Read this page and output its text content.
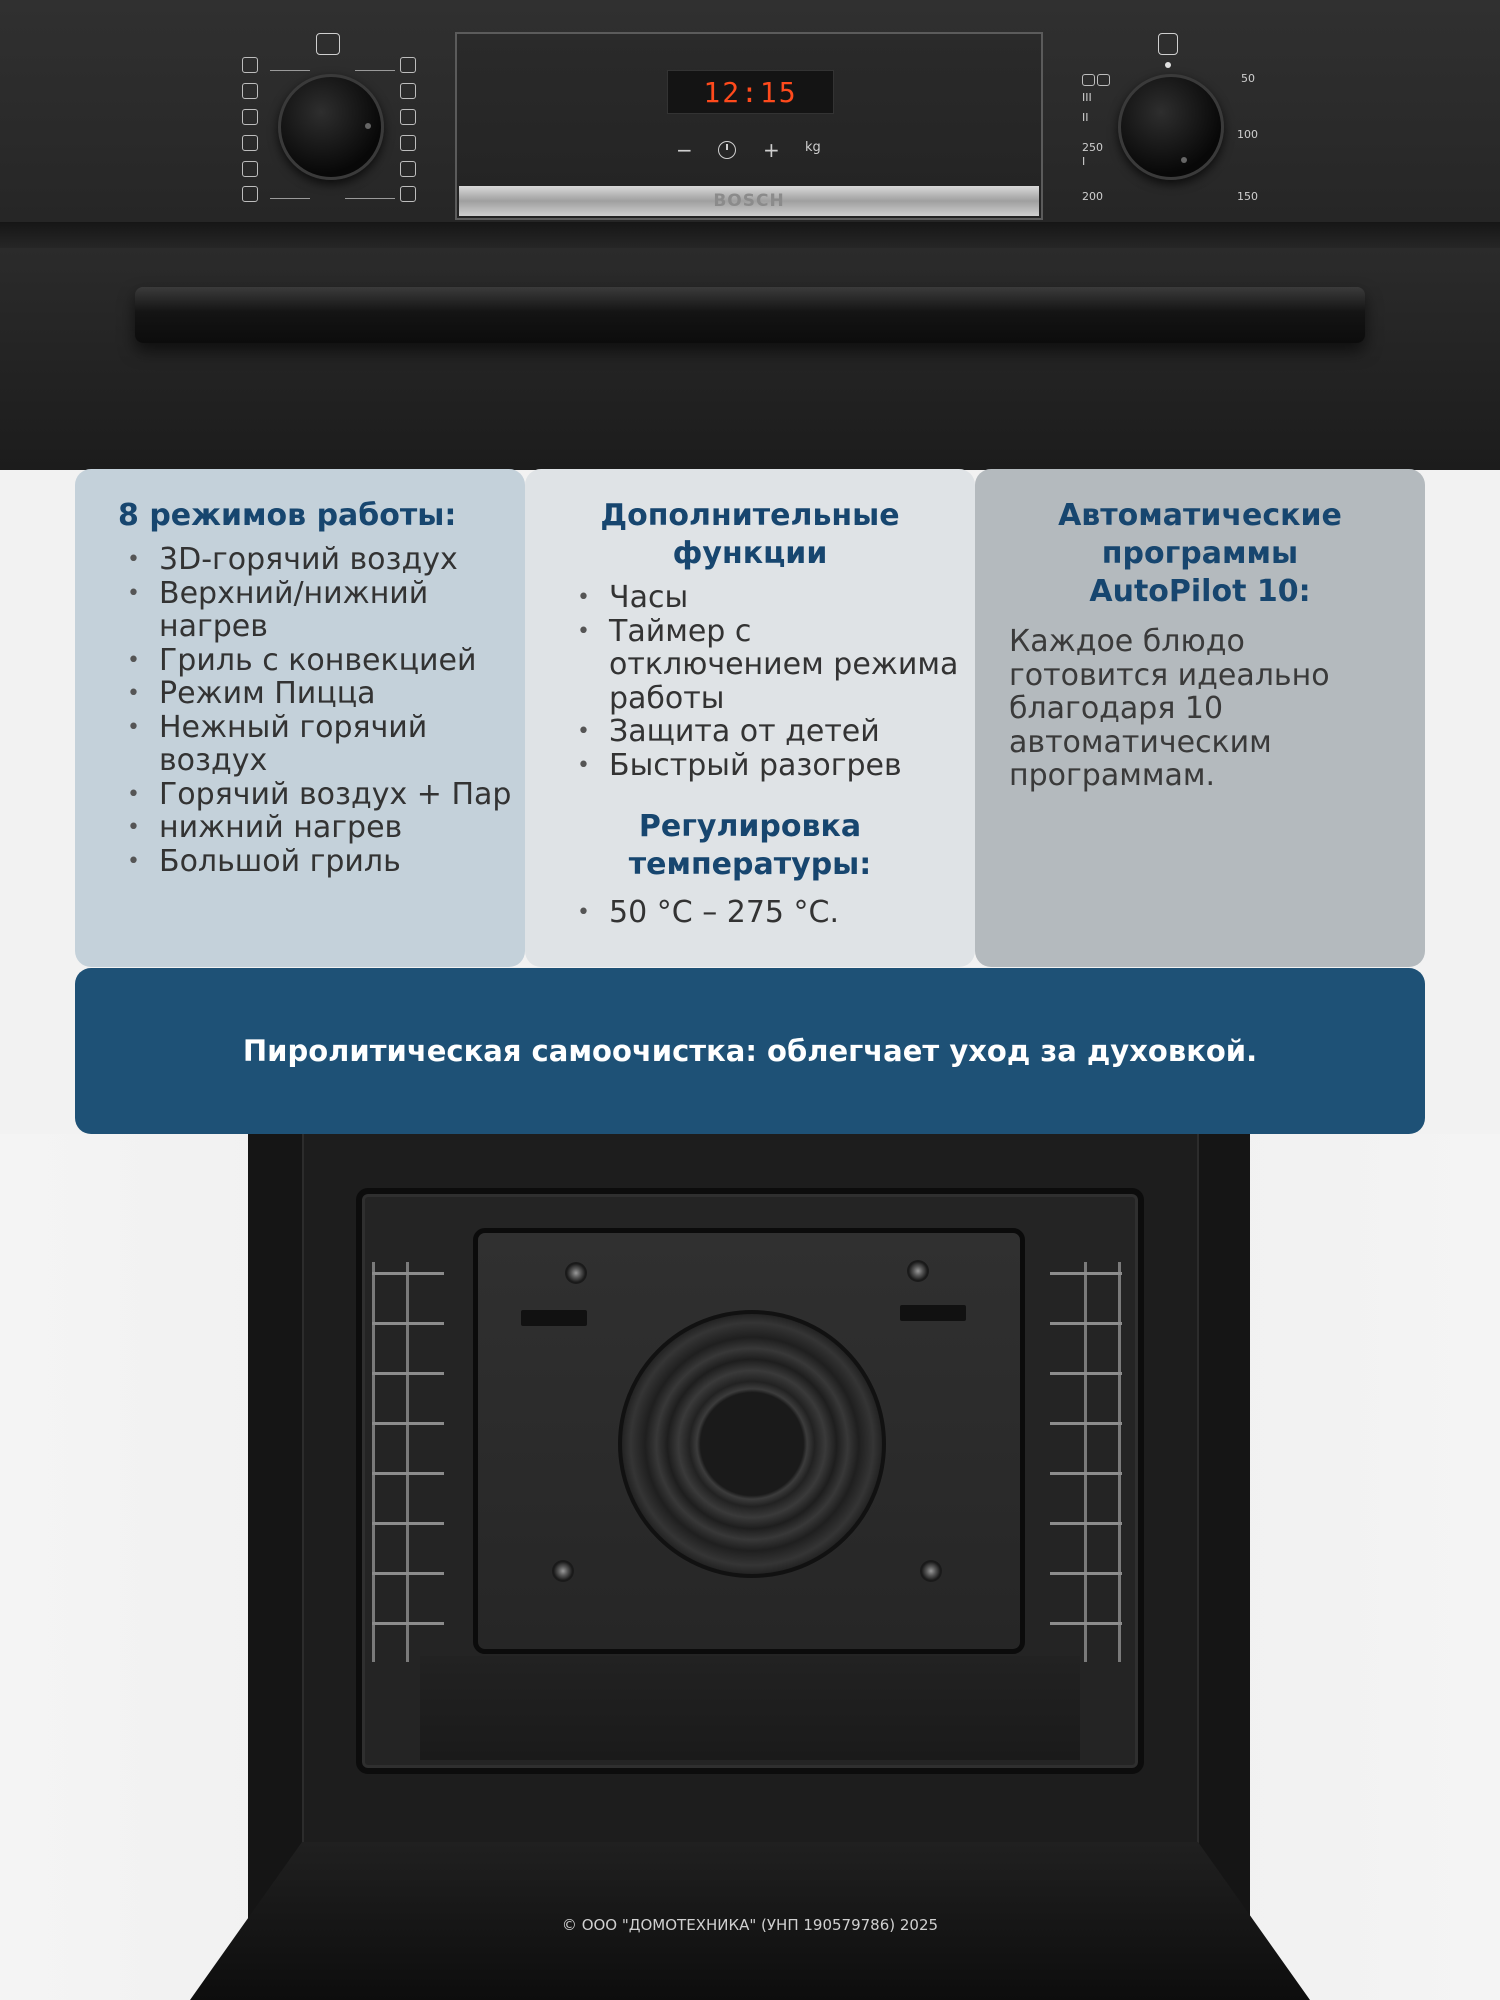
12:15
−	+ kg
BOSCH
50
100
150
200
250
III
II
I
8 режимов работы:
• 3D-горячий воздух
• Верхний/нижний нагрев
• Гриль с конвекцией
• Режим Пицца
• Нежный горячий воздух
• Горячий воздух + Пар
• нижний нагрев
• Большой гриль
Дополнительные функции
• Часы
• Таймер с отключением режима работы
• Защита от детей
• Быстрый разогрев
Регулировка температуры:
• 50 °C – 275 °C.
Автоматические программы AutoPilot 10:

Каждое блюдо готовится идеально благодаря 10 автоматическим программам.

Пиролитическая самоочистка: облегчает уход за духовкой.
© ООО "ДОМОТЕХНИКА" (УНП 190579786) 2025
